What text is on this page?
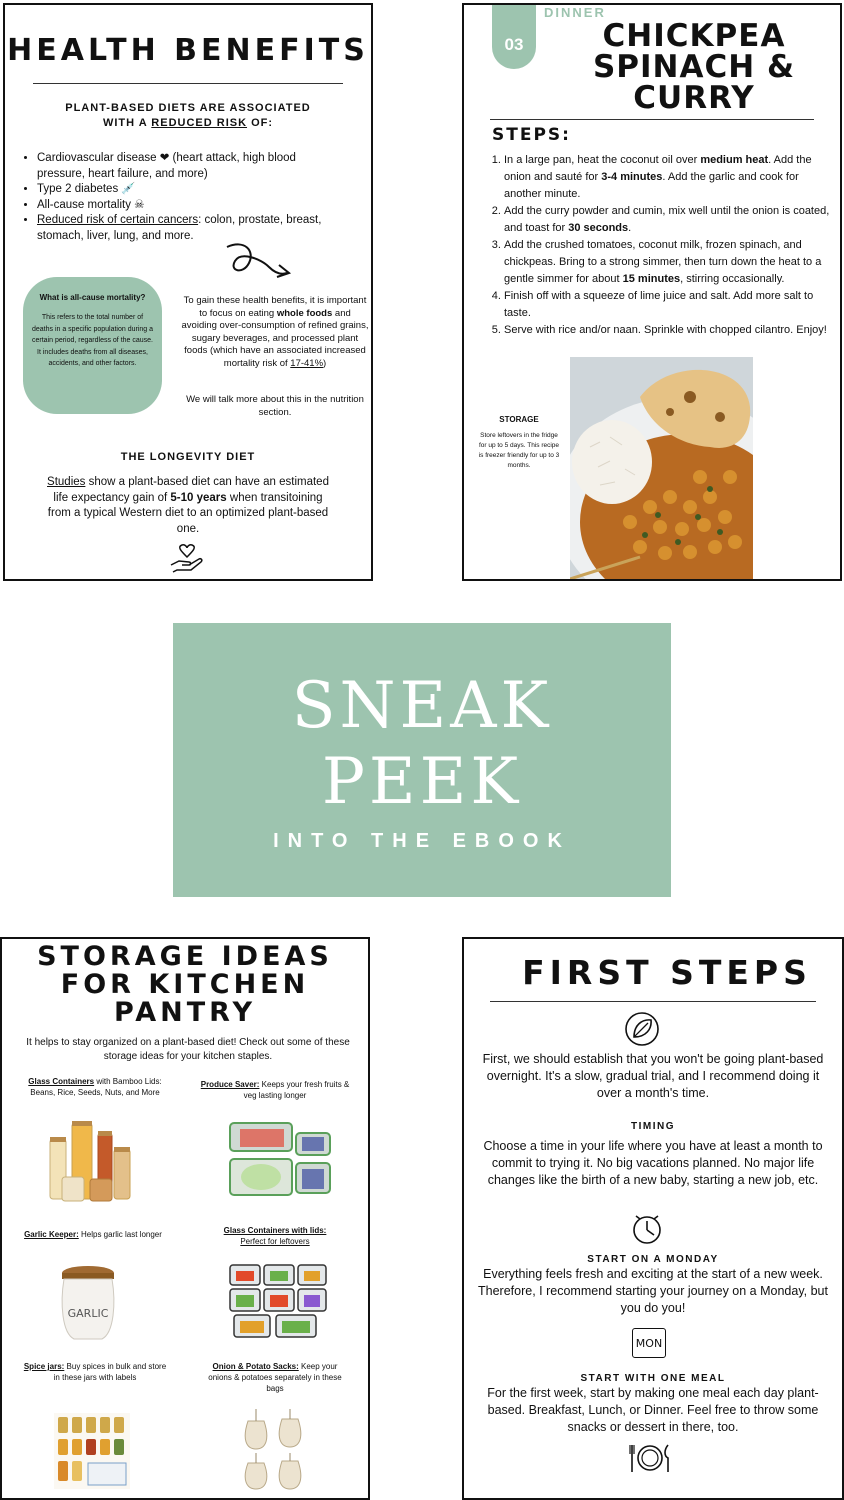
HEALTH BENEFITS
PLANT-BASED DIETS ARE ASSOCIATED
WITH A REDUCED RISK OF:
• Cardiovascular disease ❤ (heart attack, high blood pressure, heart failure, and more)
• Type 2 diabetes 💉
• All-cause mortality ☠
• Reduced risk of certain cancers: colon, prostate, breast, stomach, liver, lung, and more.
What is all-cause mortality?
This refers to the total number of deaths in a specific population during a certain period, regardless of the cause. It includes deaths from all diseases, accidents, and other factors.
To gain these health benefits, it is important to focus on eating whole foods and avoiding over-consumption of refined grains, sugary beverages, and processed plant foods (which have an associated increased mortality risk of 17-41%)
We will talk more about this in the nutrition section.
THE LONGEVITY DIET
Studies show a plant-based diet can have an estimated life expectancy gain of 5-10 years when transitoining from a typical Western diet to an optimized plant-based one.
03
DINNER
CHICKPEA
SPINACH &
CURRY
STEPS:
1. In a large pan, heat the coconut oil over medium heat. Add the onion and sauté for 3-4 minutes. Add the garlic and cook for another minute.
2. Add the curry powder and cumin, mix well until the onion is coated, and toast for 30 seconds.
3. Add the crushed tomatoes, coconut milk, frozen spinach, and chickpeas. Bring to a strong simmer, then turn down the heat to a gentle simmer for about 15 minutes, stirring occasionally.
4. Finish off with a squeeze of lime juice and salt. Add more salt to taste.
5. Serve with rice and/or naan. Sprinkle with chopped cilantro. Enjoy!
STORAGE
Store leftovers in the fridge for up to 5 days. This recipe is freezer friendly for up to 3 months.
SNEAK
PEEK
INTO THE EBOOK
STORAGE IDEAS
FOR KITCHEN
PANTRY
It helps to stay organized on a plant-based diet! Check out some of these storage ideas for your kitchen staples.
Glass Containers with Bamboo Lids: Beans, Rice, Seeds, Nuts, and More
Produce Saver: Keeps your fresh fruits & veg lasting longer
Garlic Keeper: Helps garlic last longer	Glass Containers with lids:
Perfect for leftovers
GARLIC
Spice jars: Buy spices in bulk and store in these jars with labels
Onion & Potato Sacks: Keep your onions & potatoes separately in these bags
FIRST STEPS
First, we should establish that you won't be going plant-based overnight. It's a slow, gradual trial, and I recommend doing it over a month's time.
TIMING
Choose a time in your life where you have at least a month to commit to trying it. No big vacations planned. No major life changes like the birth of a new baby, starting a new job, etc.
START ON A MONDAY
Everything feels fresh and exciting at the start of a new week. Therefore, I recommend starting your journey on a Monday, but you do you!
MON
START WITH ONE MEAL
For the first week, start by making one meal each day plant-based. Breakfast, Lunch, or Dinner. Feel free to throw some snacks or dessert in there, too.
